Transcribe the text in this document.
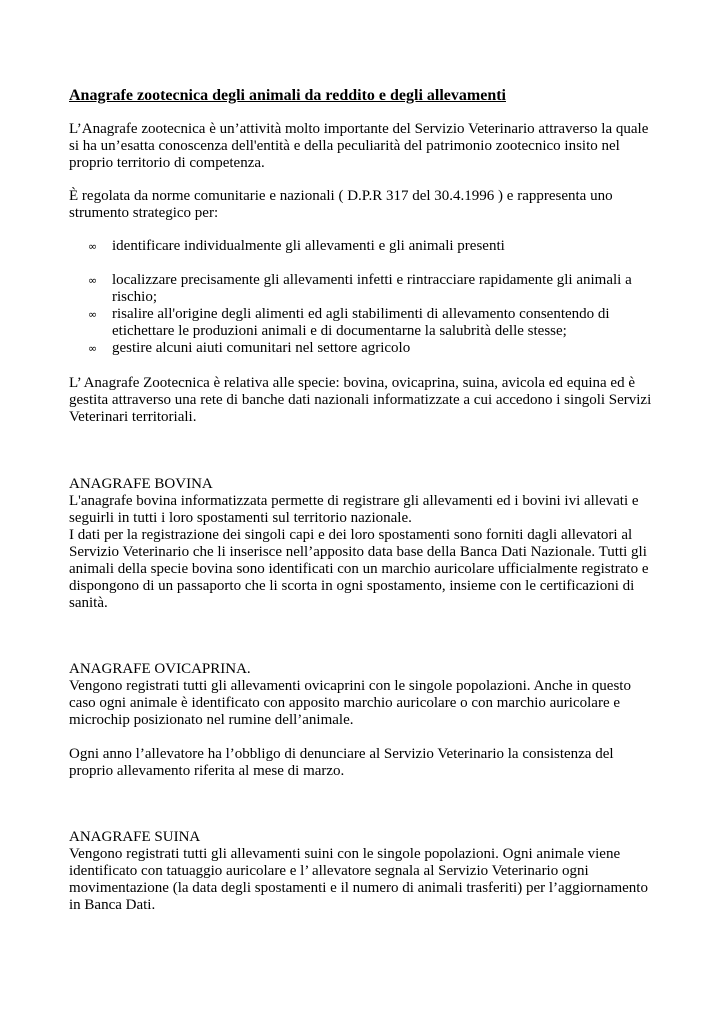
Anagrafe zootecnica degli animali da reddito e degli allevamenti

L’Anagrafe zootecnica è un’attività molto importante del Servizio Veterinario attraverso la quale si ha un’esatta conoscenza dell'entità e della peculiarità del patrimonio zootecnico insito nel proprio territorio di competenza.

È regolata da norme comunitarie e nazionali ( D.P.R 317 del 30.4.1996 ) e rappresenta uno strumento strategico per:

∞ identificare individualmente gli allevamenti e gli animali presenti
∞ localizzare precisamente gli allevamenti infetti e rintracciare rapidamente gli animali a rischio;
∞ risalire all'origine degli alimenti ed agli stabilimenti di allevamento consentendo di etichettare le produzioni animali e di documentarne la salubrità delle stesse;
∞ gestire alcuni aiuti comunitari nel settore agricolo

L’ Anagrafe Zootecnica è relativa alle specie: bovina, ovicaprina, suina, avicola ed equina ed è gestita attraverso una rete di banche dati nazionali informatizzate a cui accedono i singoli Servizi Veterinari territoriali.

ANAGRAFE BOVINA
L'anagrafe bovina informatizzata permette di registrare gli allevamenti ed i bovini ivi allevati e seguirli in tutti i loro spostamenti sul territorio nazionale.
I dati per la registrazione dei singoli capi e dei loro spostamenti sono forniti dagli allevatori al Servizio Veterinario che li inserisce nell’apposito data base della Banca Dati Nazionale. Tutti gli animali della specie bovina sono identificati con un marchio auricolare ufficialmente registrato e dispongono di un passaporto che li scorta in ogni spostamento, insieme con le certificazioni di sanità.
ANAGRAFE OVICAPRINA.
Vengono registrati tutti gli allevamenti ovicaprini con le singole popolazioni. Anche in questo caso ogni animale è identificato con apposito marchio auricolare o con marchio auricolare e microchip posizionato nel rumine dell’animale.
Ogni anno l’allevatore ha l’obbligo di denunciare al Servizio Veterinario la consistenza del proprio allevamento riferita al mese di marzo.
ANAGRAFE SUINA
Vengono registrati tutti gli allevamenti suini con le singole popolazioni. Ogni animale viene identificato con tatuaggio auricolare e l’ allevatore segnala al Servizio Veterinario ogni movimentazione (la data degli spostamenti e il numero di animali trasferiti) per l’aggiornamento in Banca Dati.
